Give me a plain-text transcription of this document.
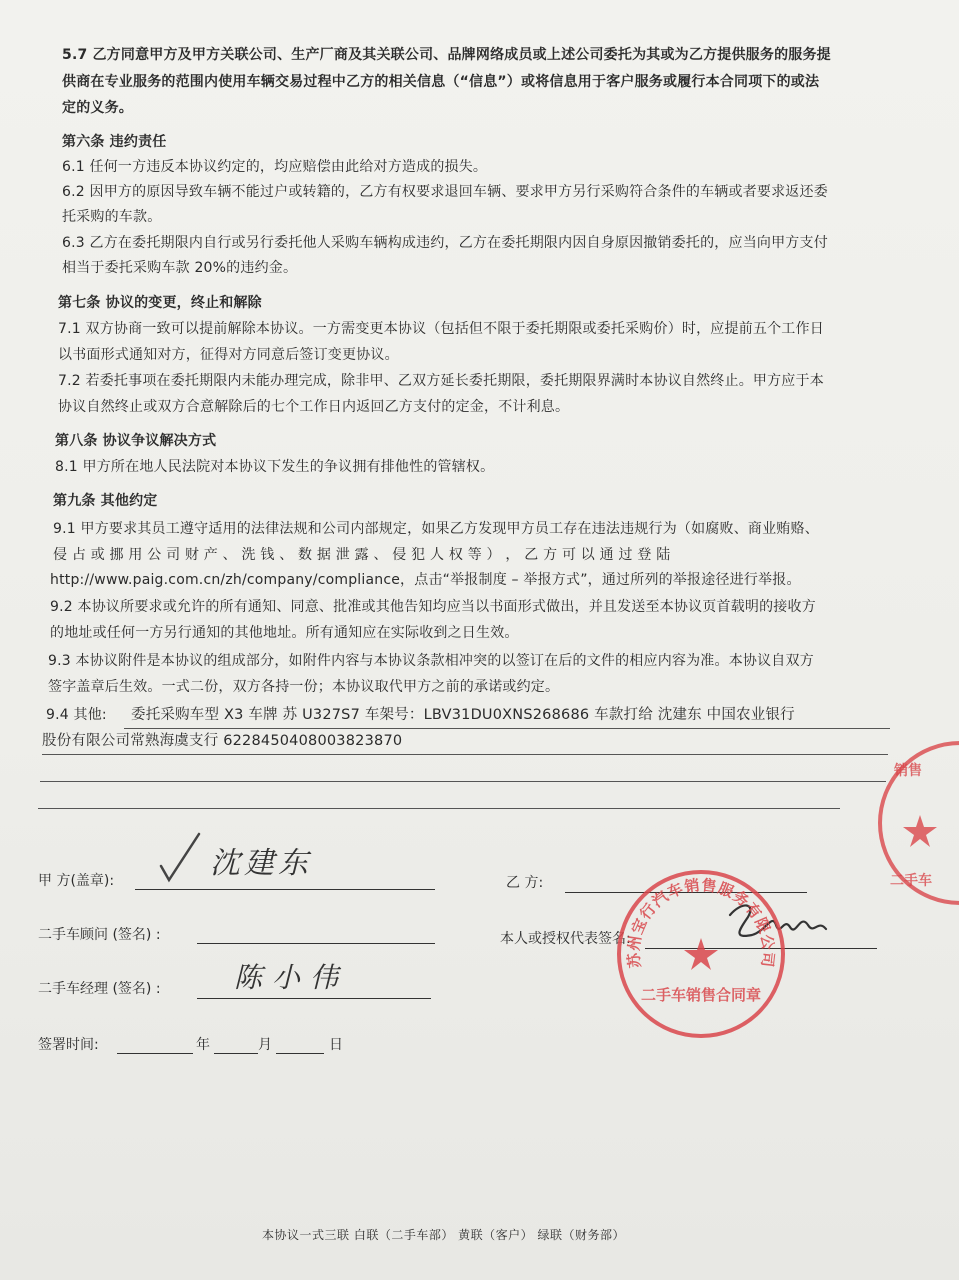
5.7 乙方同意甲方及甲方关联公司、生产厂商及其关联公司、品牌网络成员或上述公司委托为其或为乙方提供服务的服务提
供商在专业服务的范围内使用车辆交易过程中乙方的相关信息（“信息”）或将信息用于客户服务或履行本合同项下的或法
定的义务。
第六条 违约责任
6.1 任何一方违反本协议约定的，均应赔偿由此给对方造成的损失。
6.2 因甲方的原因导致车辆不能过户或转籍的，乙方有权要求退回车辆、要求甲方另行采购符合条件的车辆或者要求返还委
托采购的车款。
6.3 乙方在委托期限内自行或另行委托他人采购车辆构成违约，乙方在委托期限内因自身原因撤销委托的，应当向甲方支付
相当于委托采购车款 20%的违约金。
第七条 协议的变更，终止和解除
7.1 双方协商一致可以提前解除本协议。一方需变更本协议（包括但不限于委托期限或委托采购价）时，应提前五个工作日
以书面形式通知对方，征得对方同意后签订变更协议。
7.2 若委托事项在委托期限内未能办理完成，除非甲、乙双方延长委托期限，委托期限界满时本协议自然终止。甲方应于本
协议自然终止或双方合意解除后的七个工作日内返回乙方支付的定金，不计利息。
第八条 协议争议解决方式
8.1 甲方所在地人民法院对本协议下发生的争议拥有排他性的管辖权。
第九条 其他约定
9.1 甲方要求其员工遵守适用的法律法规和公司内部规定，如果乙方发现甲方员工存在违法违规行为（如腐败、商业贿赂、
侵 占 或 挪 用 公 司 财 产 、 洗 钱 、 数 据 泄 露 、 侵 犯 人 权 等 ） ， 乙 方 可 以 通 过 登 陆
http://www.paig.com.cn/zh/company/compliance，点击“举报制度 – 举报方式”，通过所列的举报途径进行举报。
9.2 本协议所要求或允许的所有通知、同意、批准或其他告知均应当以书面形式做出，并且发送至本协议页首载明的接收方
的地址或任何一方另行通知的其他地址。所有通知应在实际收到之日生效。
9.3 本协议附件是本协议的组成部分，如附件内容与本协议条款相冲突的以签订在后的文件的相应内容为准。本协议自双方
签字盖章后生效。一式二份，双方各持一份；本协议取代甲方之前的承诺或约定。
9.4 其他: 委托采购车型 X3 车牌 苏 U327S7 车架号：LBV31DU0XNS268686 车款打给 沈建东 中国农业银行
股份有限公司常熟海虞支行 6228450408003823870
甲 方(盖章):	沈建东
乙 方:
二手车顾问 (签名) :	本人或授权代表签名:
二手车经理 (签名) :	陈小伟
签署时间:	年	月	日
苏州宝行汽车销售服务有限公司
二手车销售合同章
销售
二手车
本协议一式三联 白联（二手车部） 黄联（客户） 绿联（财务部）
